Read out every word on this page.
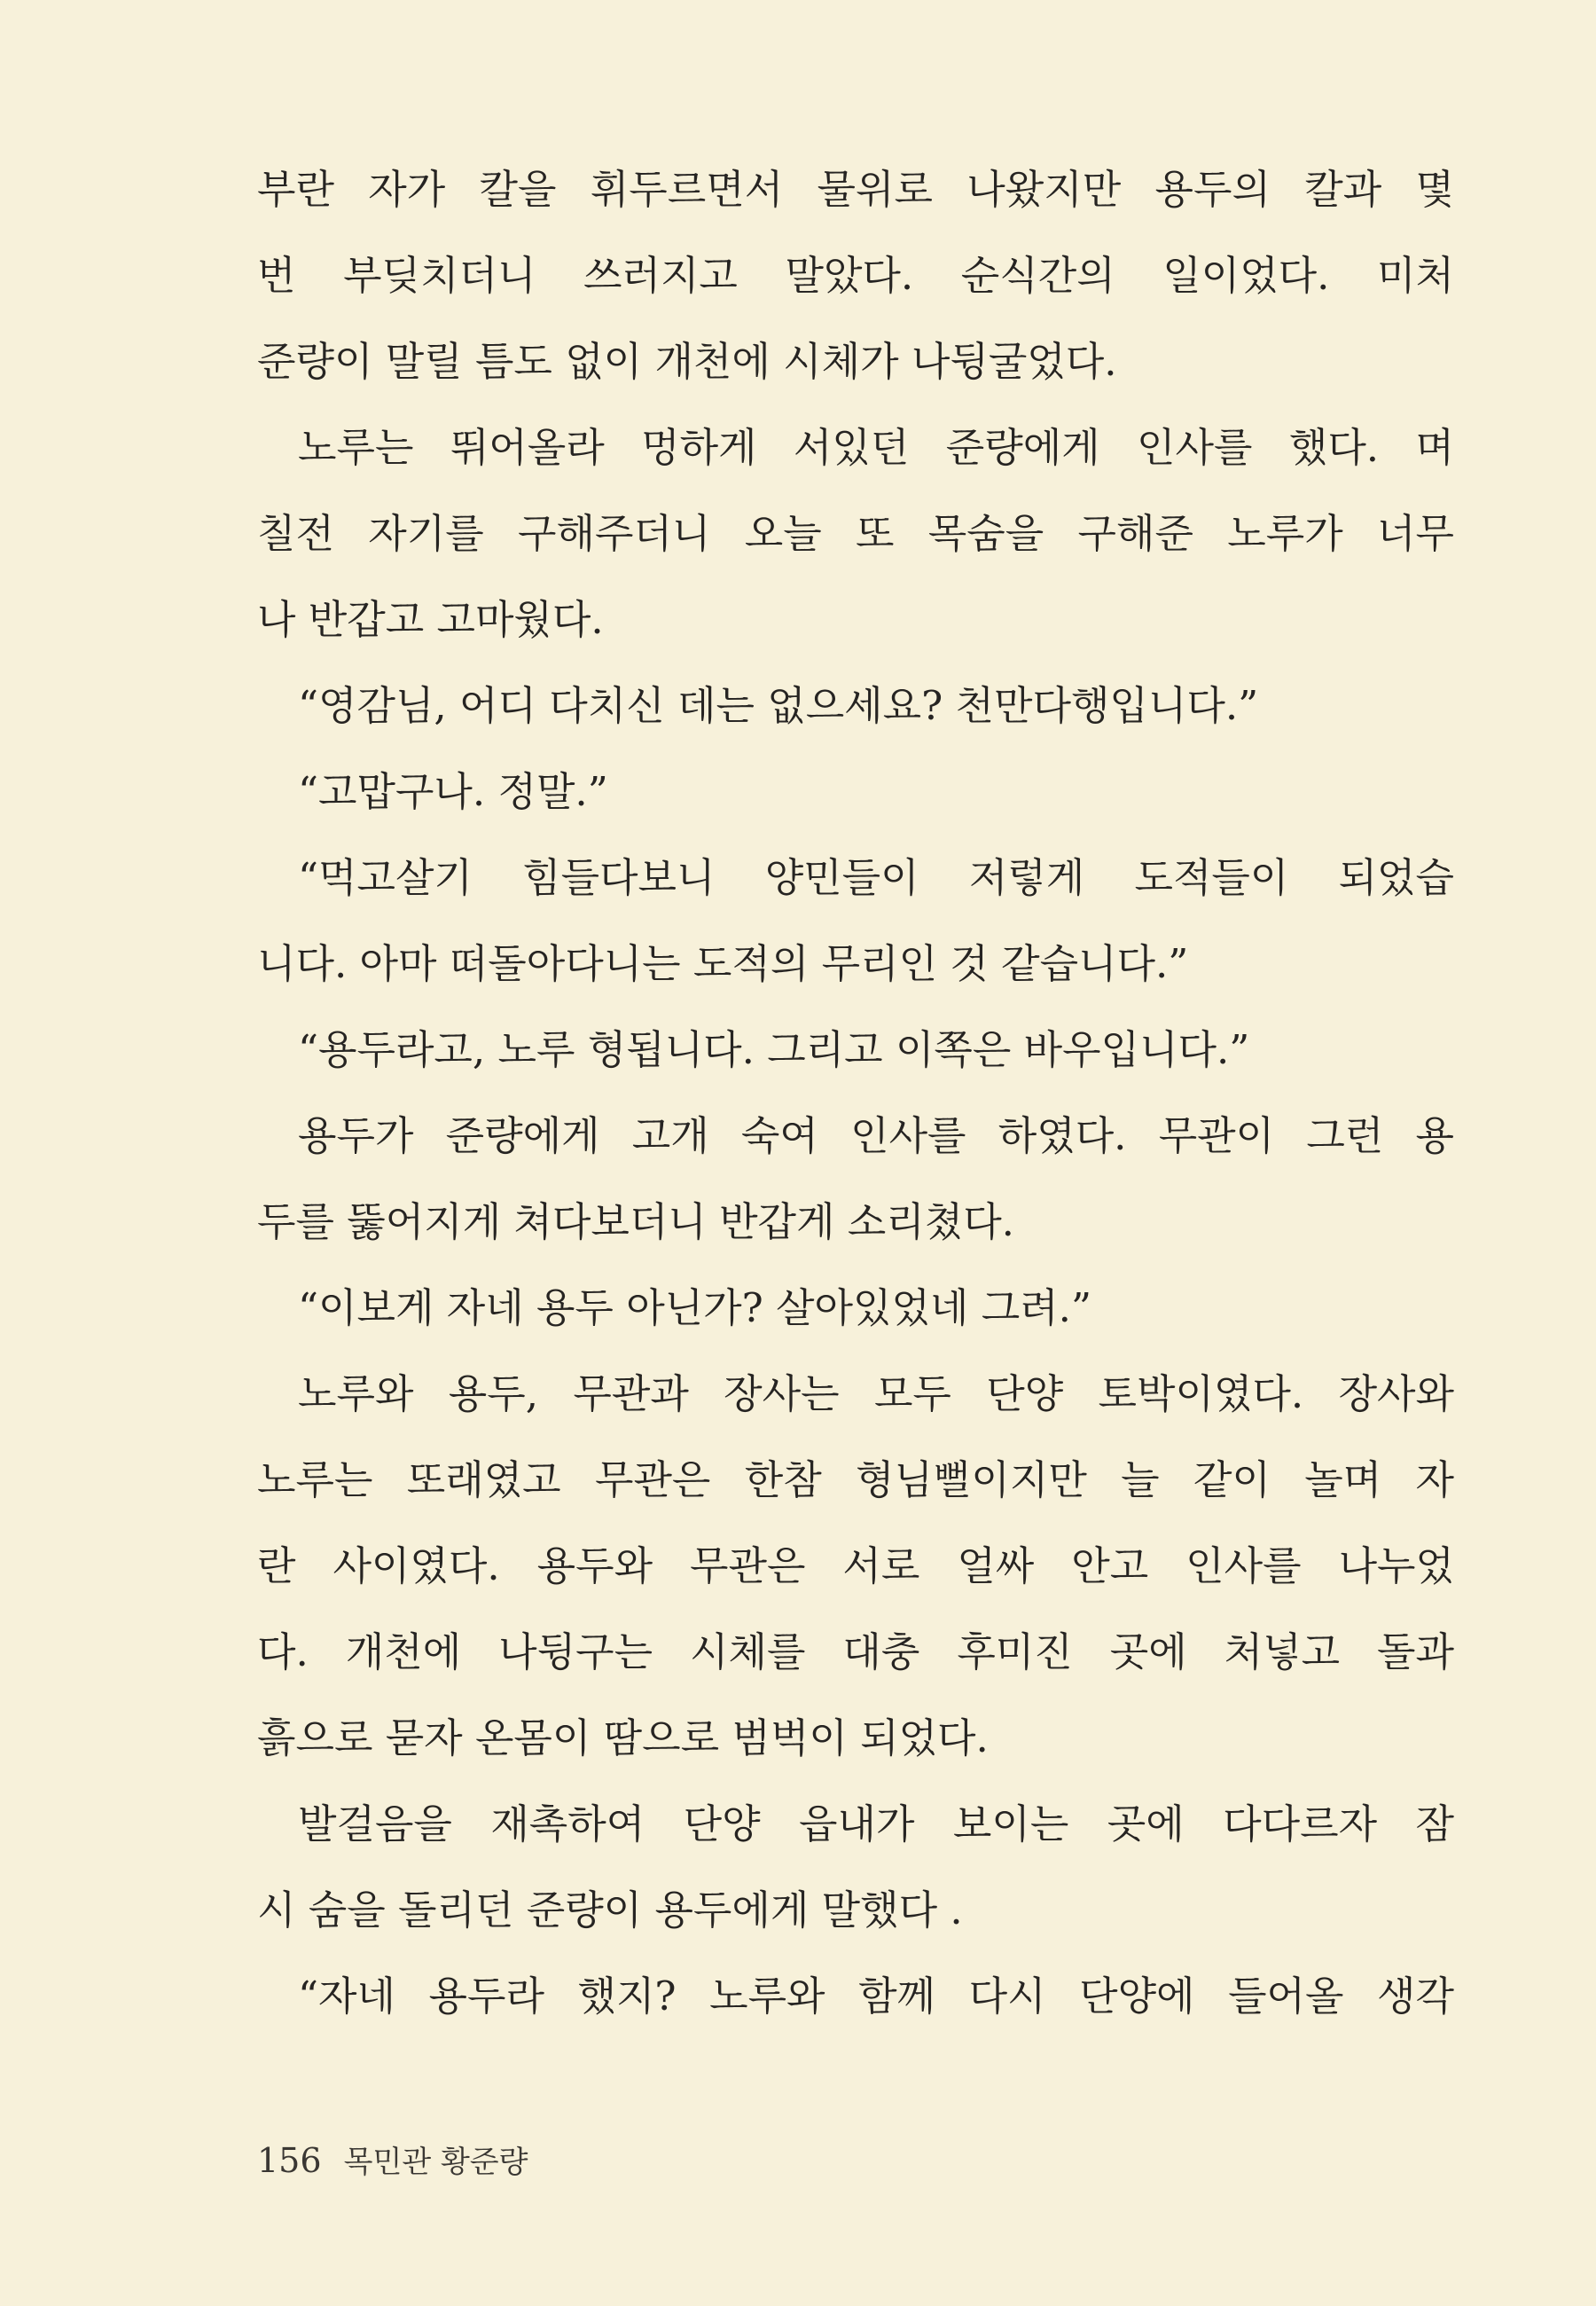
부란 자가 칼을 휘두르면서 물위로 나왔지만 용두의 칼과 몇
번 부딪치더니 쓰러지고 말았다. 순식간의 일이었다. 미처
준량이 말릴 틈도 없이 개천에 시체가 나뒹굴었다.
노루는 뛰어올라 멍하게 서있던 준량에게 인사를 했다. 며
칠전 자기를 구해주더니 오늘 또 목숨을 구해준 노루가 너무
나 반갑고 고마웠다.
“영감님, 어디 다치신 데는 없으세요? 천만다행입니다.”
“고맙구나. 정말.”
“먹고살기 힘들다보니 양민들이 저렇게 도적들이 되었습
니다. 아마 떠돌아다니는 도적의 무리인 것 같습니다.”
“용두라고, 노루 형됩니다. 그리고 이쪽은 바우입니다.”
용두가 준량에게 고개 숙여 인사를 하였다. 무관이 그런 용
두를 뚫어지게 쳐다보더니 반갑게 소리쳤다.
“이보게 자네 용두 아닌가? 살아있었네 그려.”
노루와 용두, 무관과 장사는 모두 단양 토박이였다. 장사와
노루는 또래였고 무관은 한참 형님뻘이지만 늘 같이 놀며 자
란 사이였다. 용두와 무관은 서로 얼싸 안고 인사를 나누었
다. 개천에 나뒹구는 시체를 대충 후미진 곳에 처넣고 돌과
흙으로 묻자 온몸이 땀으로 범벅이 되었다.
발걸음을 재촉하여 단양 읍내가 보이는 곳에 다다르자 잠
시 숨을 돌리던 준량이 용두에게 말했다 .
“자네 용두라 했지? 노루와 함께 다시 단양에 들어올 생각
156 목민관 황준량
